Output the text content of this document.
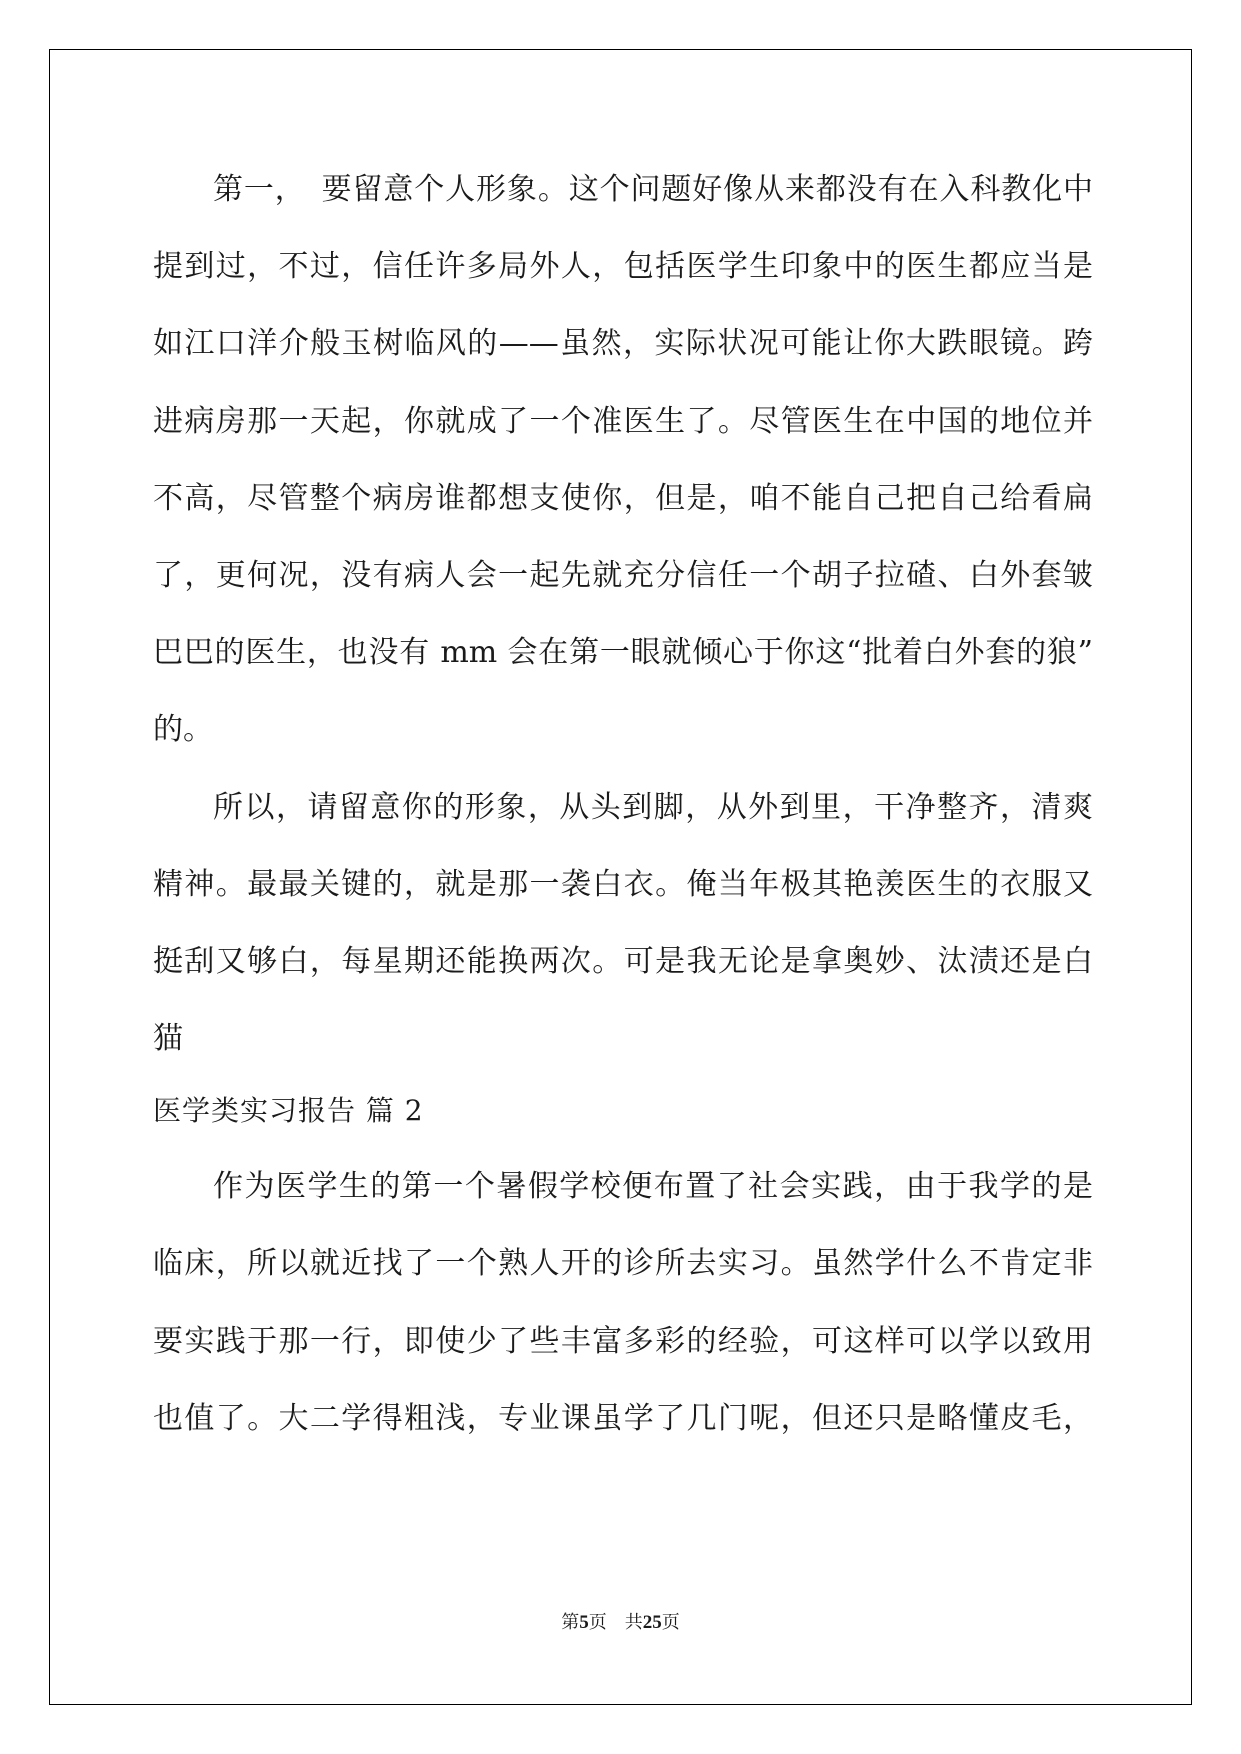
第一，　要留意个人形象。这个问题好像从来都没有在入科教化中
提到过，不过，信任许多局外人，包括医学生印象中的医生都应当是
如江口洋介般玉树临风的——虽然，实际状况可能让你大跌眼镜。跨
进病房那一天起，你就成了一个准医生了。尽管医生在中国的地位并
不高，尽管整个病房谁都想支使你，但是，咱不能自己把自己给看扁
了，更何况，没有病人会一起先就充分信任一个胡子拉碴、白外套皱
巴巴的医生，也没有 mm 会在第一眼就倾心于你这“批着白外套的狼”
的。
所以，请留意你的形象，从头到脚，从外到里，干净整齐，清爽
精神。最最关键的，就是那一袭白衣。俺当年极其艳羡医生的衣服又
挺刮又够白，每星期还能换两次。可是我无论是拿奥妙、汰渍还是白
猫
医学类实习报告 篇 2
作为医学生的第一个暑假学校便布置了社会实践，由于我学的是
临床，所以就近找了一个熟人开的诊所去实习。虽然学什么不肯定非
要实践于那一行，即使少了些丰富多彩的经验，可这样可以学以致用
也值了。大二学得粗浅，专业课虽学了几门呢，但还只是略懂皮毛，
第5页 共25页
